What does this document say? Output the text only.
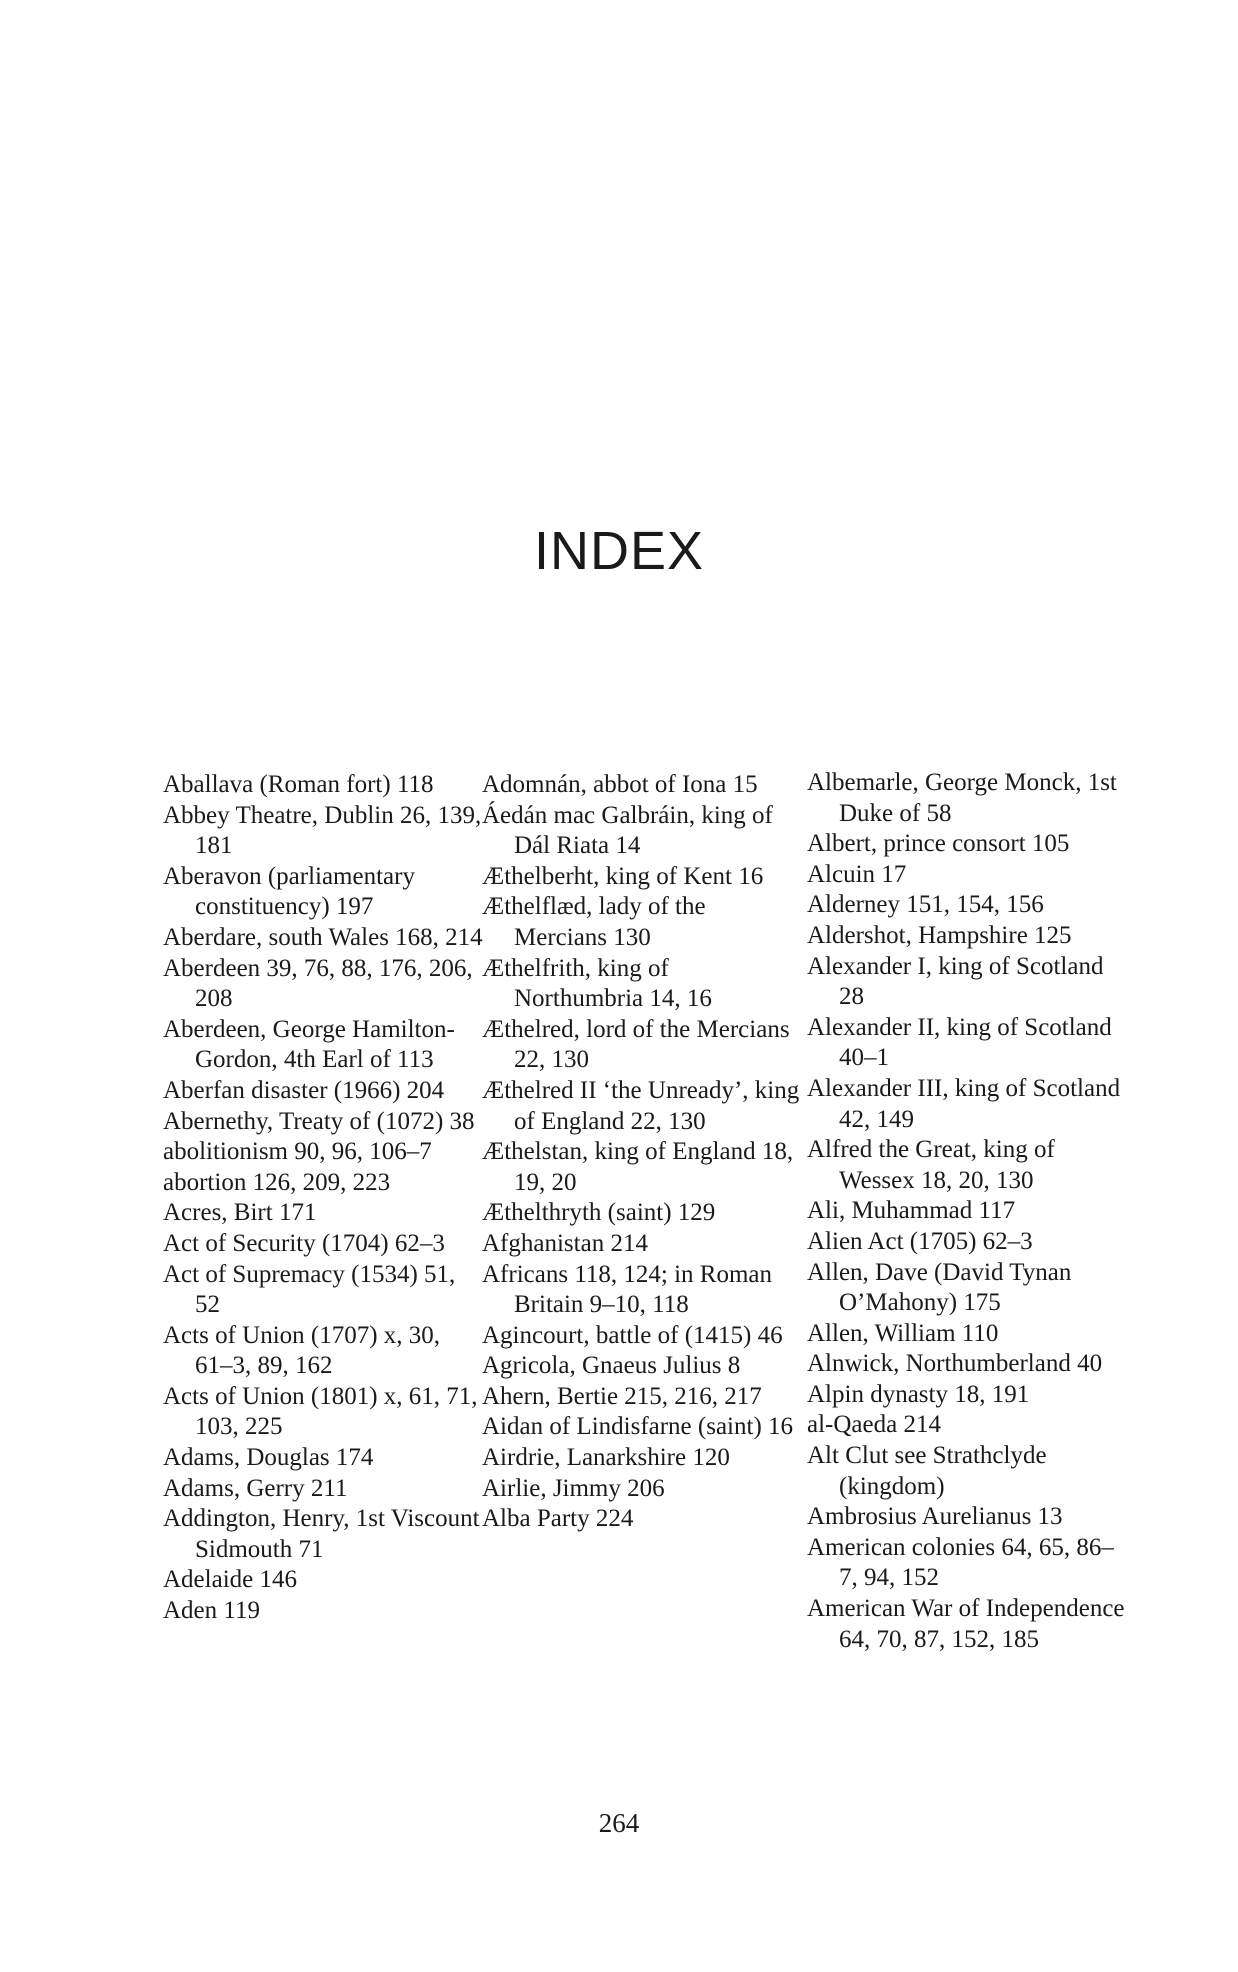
INDEX
Aballava (Roman fort) 118
Abbey Theatre, Dublin 26, 139, 181
Aberavon (parliamentary constituency) 197
Aberdare, south Wales 168, 214
Aberdeen 39, 76, 88, 176, 206, 208
Aberdeen, George Hamilton-Gordon, 4th Earl of 113
Aberfan disaster (1966) 204
Abernethy, Treaty of (1072) 38
abolitionism 90, 96, 106–7
abortion 126, 209, 223
Acres, Birt 171
Act of Security (1704) 62–3
Act of Supremacy (1534) 51, 52
Acts of Union (1707) x, 30, 61–3, 89, 162
Acts of Union (1801) x, 61, 71, 103, 225
Adams, Douglas 174
Adams, Gerry 211
Addington, Henry, 1st Viscount Sidmouth 71
Adelaide 146
Aden 119
Adomnán, abbot of Iona 15
Áedán mac Galbráin, king of Dál Riata 14
Æthelberht, king of Kent 16
Æthelflæd, lady of the Mercians 130
Æthelfrith, king of Northumbria 14, 16
Æthelred, lord of the Mercians 22, 130
Æthelred II ‘the Unready’, king of England 22, 130
Æthelstan, king of England 18, 19, 20
Æthelthryth (saint) 129
Afghanistan 214
Africans 118, 124; in Roman Britain 9–10, 118
Agincourt, battle of (1415) 46
Agricola, Gnaeus Julius 8
Ahern, Bertie 215, 216, 217
Aidan of Lindisfarne (saint) 16
Airdrie, Lanarkshire 120
Airlie, Jimmy 206
Alba Party 224
Albemarle, George Monck, 1st Duke of 58
Albert, prince consort 105
Alcuin 17
Alderney 151, 154, 156
Aldershot, Hampshire 125
Alexander I, king of Scotland 28
Alexander II, king of Scotland 40–1
Alexander III, king of Scotland 42, 149
Alfred the Great, king of Wessex 18, 20, 130
Ali, Muhammad 117
Alien Act (1705) 62–3
Allen, Dave (David Tynan O’Mahony) 175
Allen, William 110
Alnwick, Northumberland 40
Alpin dynasty 18, 191
al-Qaeda 214
Alt Clut see Strathclyde (kingdom)
Ambrosius Aurelianus 13
American colonies 64, 65, 86–7, 94, 152
American War of Independence 64, 70, 87, 152, 185
264
